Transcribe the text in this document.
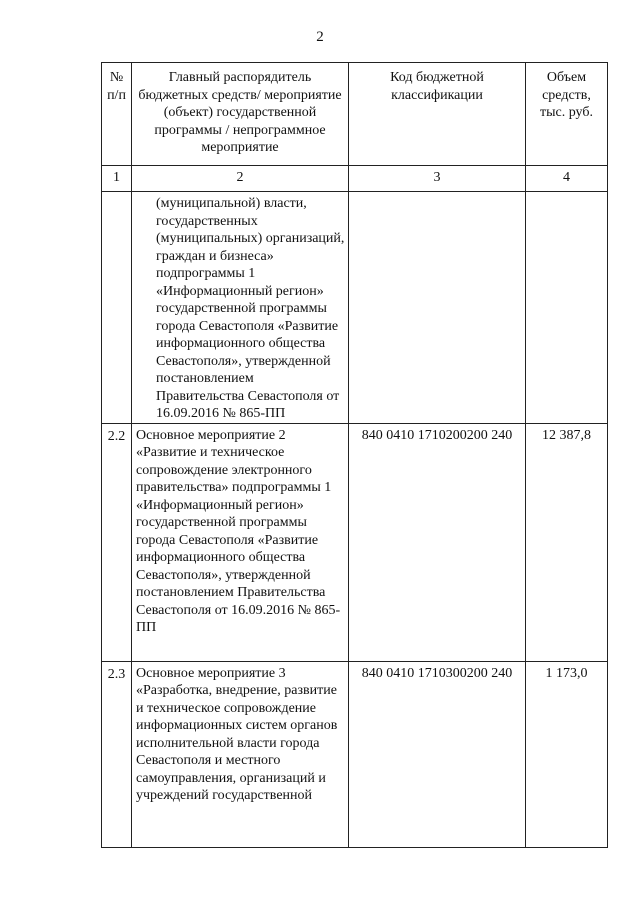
2
№ п/п	Главный распорядитель бюджетных средств/ мероприятие (объект) государственной программы / непрограммное мероприятие	Код бюджетной классификации	Объем средств, тыс. руб.
1	2	3	4
	(муниципальной) власти, государственных (муниципальных) организаций, граждан и бизнеса» подпрограммы 1 «Информационный регион» государственной программы города Севастополя «Развитие информационного общества Севастополя», утвержденной постановлением Правительства Севастополя от 16.09.2016 № 865-ПП		
2.2	Основное мероприятие 2 «Развитие и техническое сопровождение электронного правительства» подпрограммы 1 «Информационный регион» государственной программы города Севастополя «Развитие информационного общества Севастополя», утвержденной постановлением Правительства Севастополя от 16.09.2016 № 865-ПП	840 0410 1710200200 240	12 387,8
2.3	Основное мероприятие 3 «Разработка, внедрение, развитие и техническое сопровождение информационных систем органов исполнительной власти города Севастополя и местного самоуправления, организаций и учреждений государственной	840 0410 1710300200 240	1 173,0
